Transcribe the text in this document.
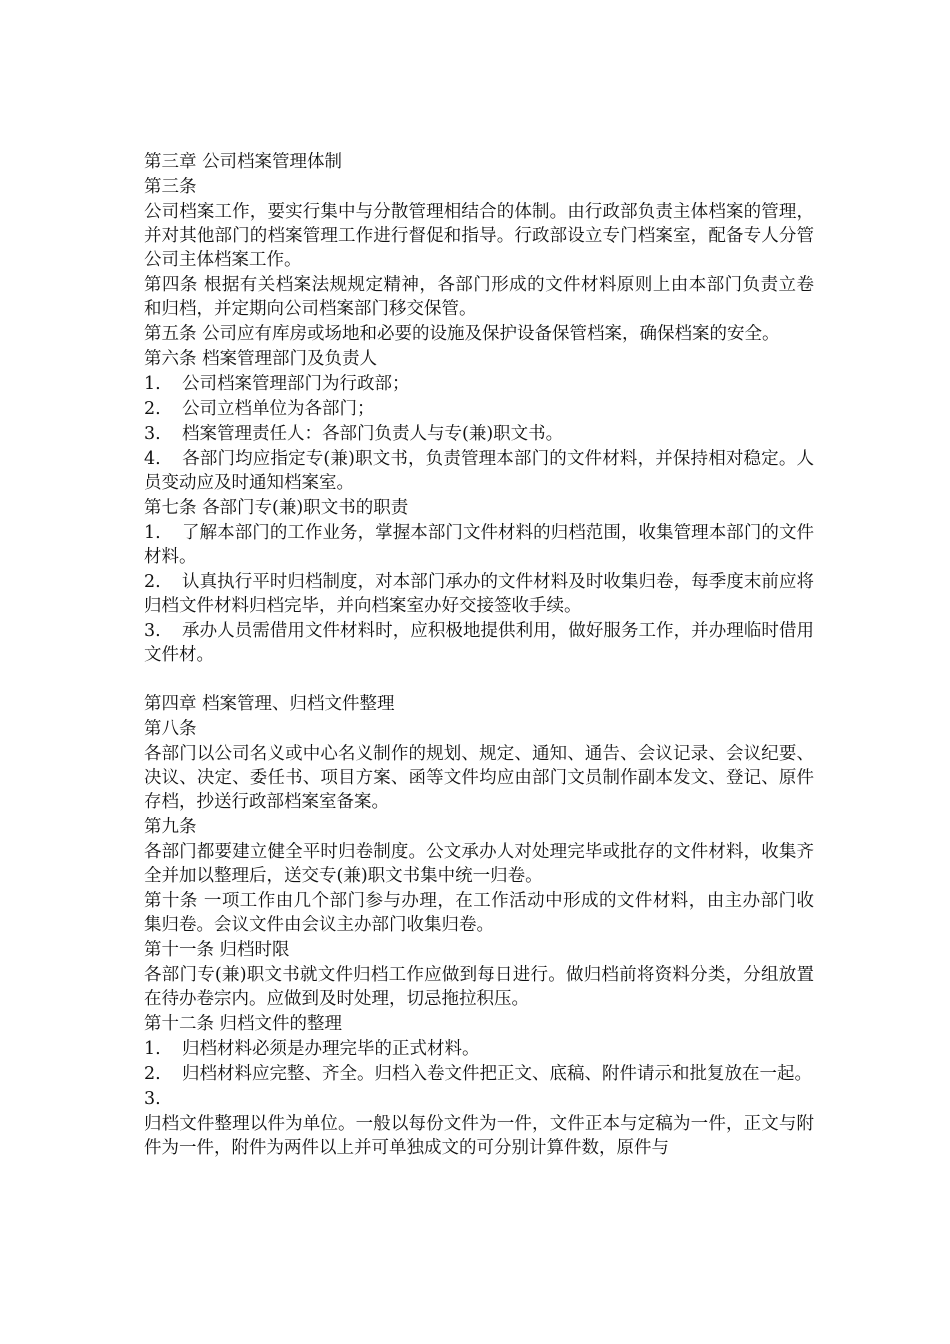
第三章 公司档案管理体制

第三条

公司档案工作，要实行集中与分散管理相结合的体制。由行政部负责主体档案的管理，并对其他部门的档案管理工作进行督促和指导。行政部设立专门档案室，配备专人分管公司主体档案工作。

第四条 根据有关档案法规规定精神，各部门形成的文件材料原则上由本部门负责立卷和归档，并定期向公司档案部门移交保管。

第五条 公司应有库房或场地和必要的设施及保护设备保管档案，确保档案的安全。

第六条 档案管理部门及负责人

1. 公司档案管理部门为行政部；

2. 公司立档单位为各部门；

3. 档案管理责任人：各部门负责人与专(兼)职文书。

4. 各部门均应指定专(兼)职文书，负责管理本部门的文件材料，并保持相对稳定。人员变动应及时通知档案室。

第七条 各部门专(兼)职文书的职责

1. 了解本部门的工作业务，掌握本部门文件材料的归档范围，收集管理本部门的文件材料。

2. 认真执行平时归档制度，对本部门承办的文件材料及时收集归卷，每季度末前应将归档文件材料归档完毕，并向档案室办好交接签收手续。

3. 承办人员需借用文件材料时，应积极地提供利用，做好服务工作，并办理临时借用文件材。

第四章 档案管理、归档文件整理

第八条

各部门以公司名义或中心名义制作的规划、规定、通知、通告、会议记录、会议纪要、决议、决定、委任书、项目方案、函等文件均应由部门文员制作副本发文、登记、原件存档，抄送行政部档案室备案。

第九条

各部门都要建立健全平时归卷制度。公文承办人对处理完毕或批存的文件材料，收集齐全并加以整理后，送交专(兼)职文书集中统一归卷。

第十条 一项工作由几个部门参与办理，在工作活动中形成的文件材料，由主办部门收集归卷。会议文件由会议主办部门收集归卷。

第十一条 归档时限

各部门专(兼)职文书就文件归档工作应做到每日进行。做归档前将资料分类，分组放置在待办卷宗内。应做到及时处理，切忌拖拉积压。

第十二条 归档文件的整理

1. 归档材料必须是办理完毕的正式材料。

2. 归档材料应完整、齐全。归档入卷文件把正文、底稿、附件请示和批复放在一起。

3.

归档文件整理以件为单位。一般以每份文件为一件，文件正本与定稿为一件，正文与附件为一件，附件为两件以上并可单独成文的可分别计算件数，原件与
